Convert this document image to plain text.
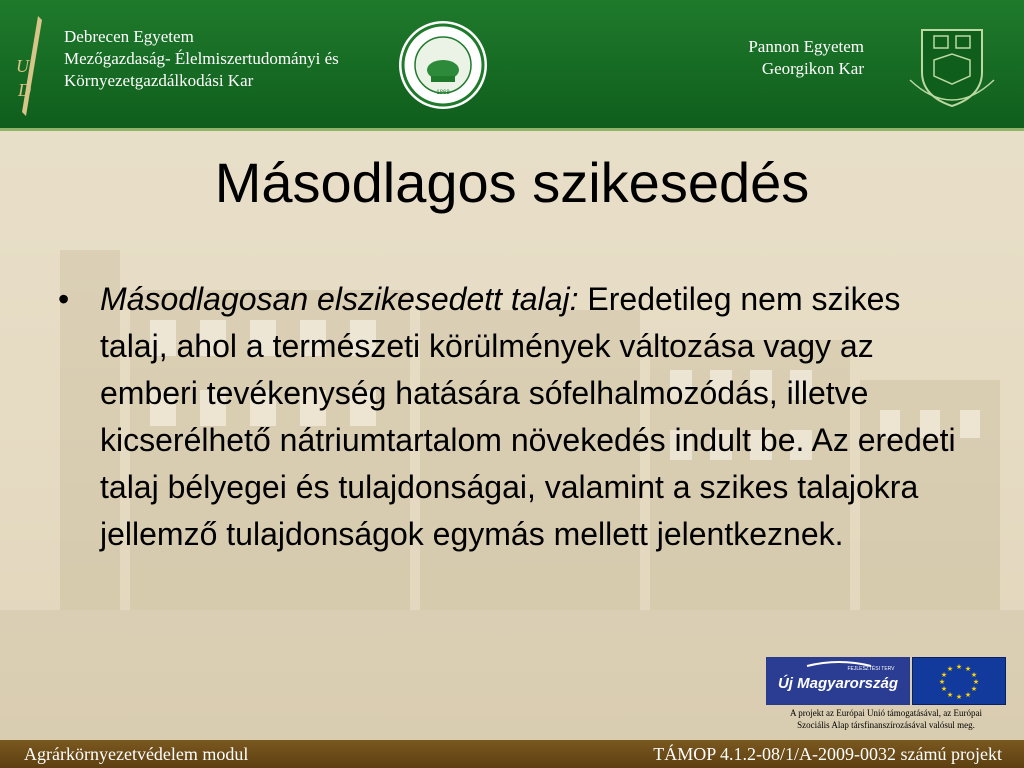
U
D
Debrecen Egyetem
Mezőgazdaság- Élelmiszertudományi és
Környezetgazdálkodási Kar
1868
Pannon Egyetem
Georgikon Kar
Másodlagos szikesedés
• Másodlagosan elszikesedett talaj: Eredetileg nem szikes talaj, ahol a természeti körülmények változása vagy az emberi tevékenység hatására sófelhalmozódás, illetve kicserélhető nátriumtartalom növekedés indult be. Az eredeti talaj bélyegei és tulajdonságai, valamint a szikes talajokra jellemző tulajdonságok egymás mellett jelentkeznek.
Új Magyarország
FEJLESZTÉSI TERV	★ ★
★
★
★
★
★
★
★
★
★
★
A projekt az Európai Unió támogatásával, az Európai
Szociális Alap társfinanszírozásával valósul meg.
Agrárkörnyezetvédelem modul	TÁMOP 4.1.2-08/1/A-2009-0032 számú projekt
